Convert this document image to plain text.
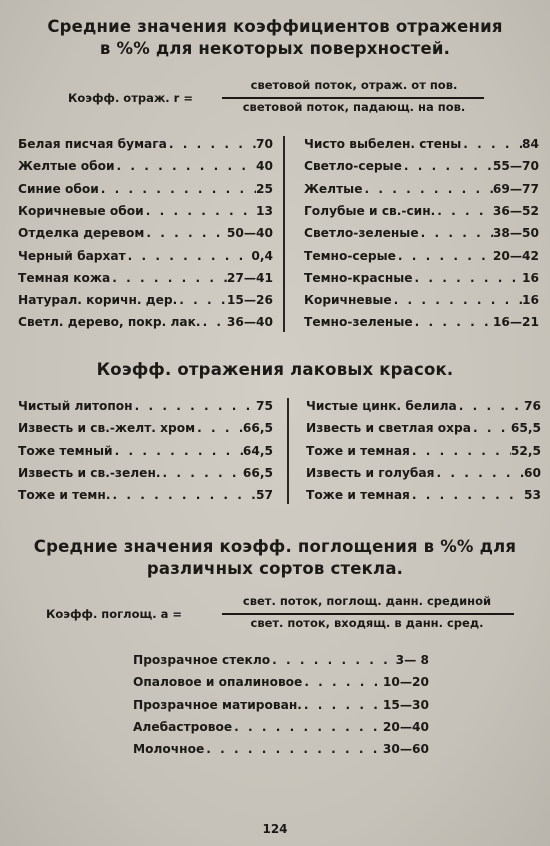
Средние значения коэффициентов отражения
в %% для некоторых поверхностей.
Коэфф. отраж. r =
световой поток, отраж. от пов.
световой поток, падающ. на пов.
Белая писчая бумага . . .	70
Желтые обои . . .	40
Синие обои . . .	25
Коричневые обои . . .	13
Отделка деревом . . .	50—40
Черный бархат . . .	0,4
Темная кожа . . .	27—41
Натурал. коричн. дер. . . .	15—26
Светл. дерево, покр. лак. . . . 36—40
Чисто выбелен. стены . . .	84
Светло-серые . . .	55—70
Желтые . . .	69—77
Голубые и св.-син. . . .	36—52
Светло-зеленые . . .	38—50
Темно-серые . . .	20—42
Темно-красные . . .	16
Коричневые . . .	16
Темно-зеленые . . .	16—21
Коэфф. отражения лаковых красок.
Чистый литопон . . .	75
Известь и св.-желт. хром . . .	66,5
Тоже темный . . .	64,5
Известь и св.-зелен. . . .	66,5
Тоже и темн. . . .	57
Чистые цинк. белила . . .	76
Известь и светлая охра . . .	65,5
Тоже и темная . . .	52,5
Известь и голубая . . .	60
Тоже и темная . . .	53
Средние значения коэфф. поглощения в %% для
различных сортов стекла.
Коэфф. поглощ. a =
свет. поток, поглощ. данн. срединой
свет. поток, входящ. в данн. сред.
Прозрачное стекло . . .	3— 8
Опаловое и опалиновое . . .	10—20
Прозрачное матирован. . . .	15—30
Алебастровое . . .	20—40
Молочное . . .	30—60
124
